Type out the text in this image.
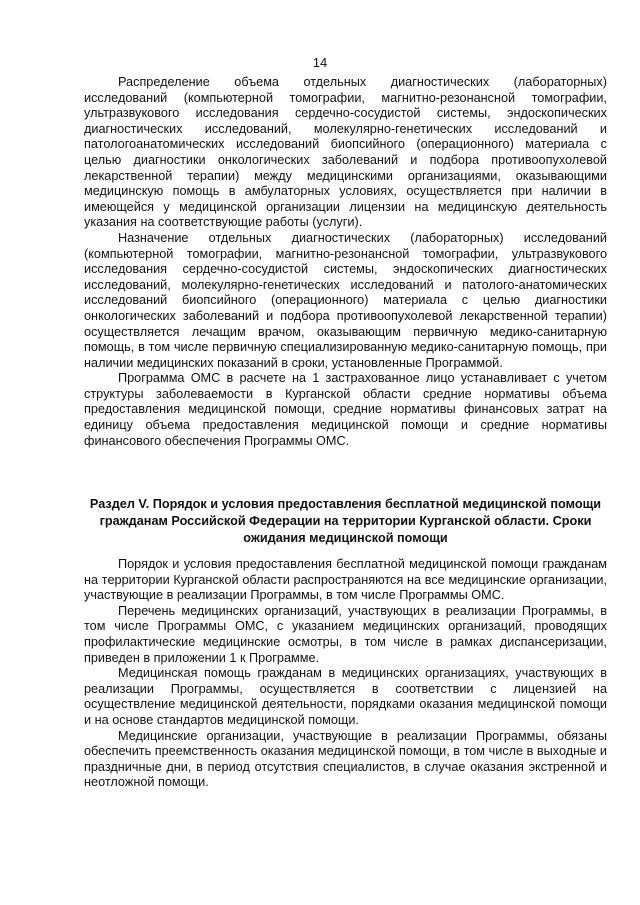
14

Распределение объема отдельных диагностических (лабораторных) исследований (компьютерной томографии, магнитно-резонансной томографии, ультразвукового исследования сердечно-сосудистой системы, эндоскопических диагностических исследований, молекулярно-генетических исследований и патологоанатомических исследований биопсийного (операционного) материала с целью диагностики онкологических заболеваний и подбора противоопухолевой лекарственной терапии) между медицинскими организациями, оказывающими медицинскую помощь в амбулаторных условиях, осуществляется при наличии в имеющейся у медицинской организации лицензии на медицинскую деятельность указания на соответствующие работы (услуги).

Назначение отдельных диагностических (лабораторных) исследований (компьютерной томографии, магнитно-резонансной томографии, ультразвукового исследования сердечно-сосудистой системы, эндоскопических диагностических исследований, молекулярно-генетических исследований и патолого-анатомических исследований биопсийного (операционного) материала с целью диагностики онкологических заболеваний и подбора противоопухолевой лекарственной терапии) осуществляется лечащим врачом, оказывающим первичную медико-санитарную помощь, в том числе первичную специализированную медико-санитарную помощь, при наличии медицинских показаний в сроки, установленные Программой.

Программа ОМС в расчете на 1 застрахованное лицо устанавливает с учетом структуры заболеваемости в Курганской области средние нормативы объема предоставления медицинской помощи, средние нормативы финансовых затрат на единицу объема предоставления медицинской помощи и средние нормативы финансового обеспечения Программы ОМС.

Раздел V. Порядок и условия предоставления бесплатной медицинской помощи гражданам Российской Федерации на территории Курганской области. Сроки ожидания медицинской помощи

Порядок и условия предоставления бесплатной медицинской помощи гражданам на территории Курганской области распространяются на все медицинские организации, участвующие в реализации Программы, в том числе Программы ОМС.

Перечень медицинских организаций, участвующих в реализации Программы, в том числе Программы ОМС, с указанием медицинских организаций, проводящих профилактические медицинские осмотры, в том числе в рамках диспансеризации, приведен в приложении 1 к Программе.

Медицинская помощь гражданам в медицинских организациях, участвующих в реализации Программы, осуществляется в соответствии с лицензией на осуществление медицинской деятельности, порядками оказания медицинской помощи и на основе стандартов медицинской помощи.

Медицинские организации, участвующие в реализации Программы, обязаны обеспечить преемственность оказания медицинской помощи, в том числе в выходные и праздничные дни, в период отсутствия специалистов, в случае оказания экстренной и неотложной помощи.
